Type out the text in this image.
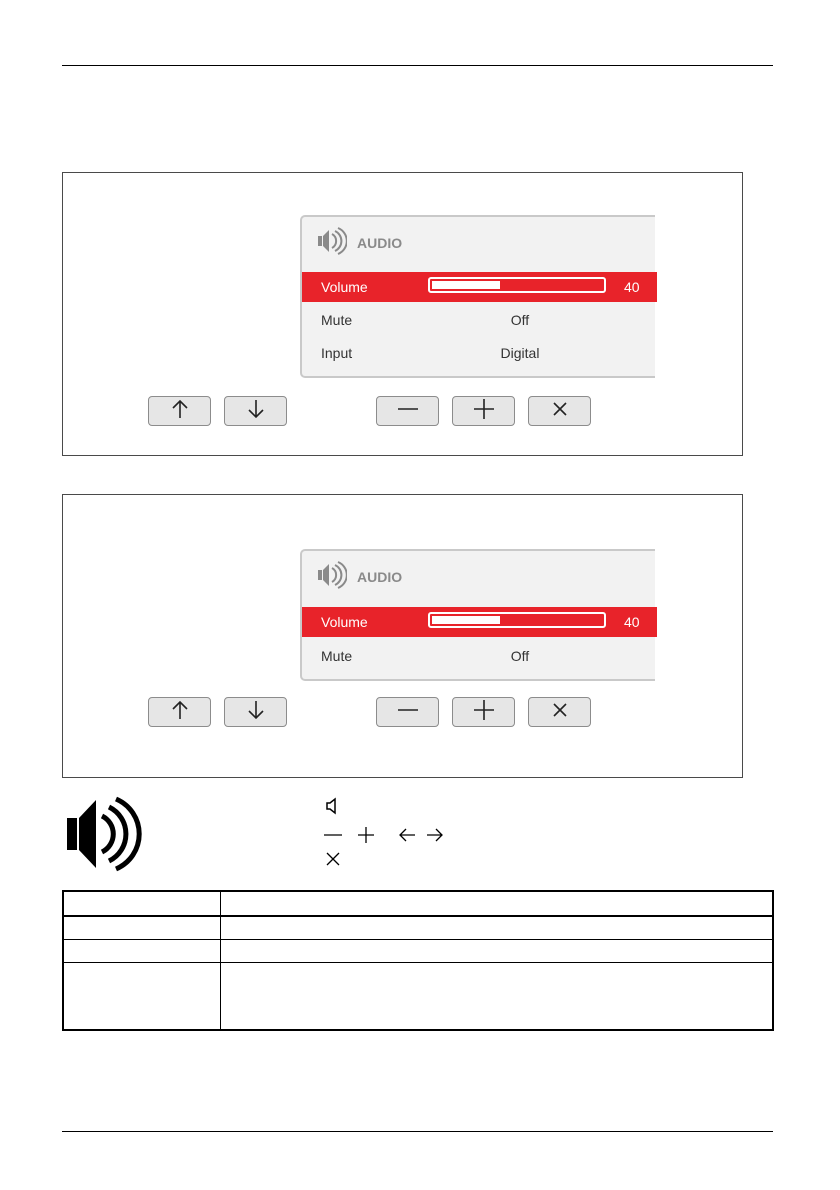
AUDIO
Volume	40
Mute	Off
Input	Digital
AUDIO
Volume	40
Mute	Off
